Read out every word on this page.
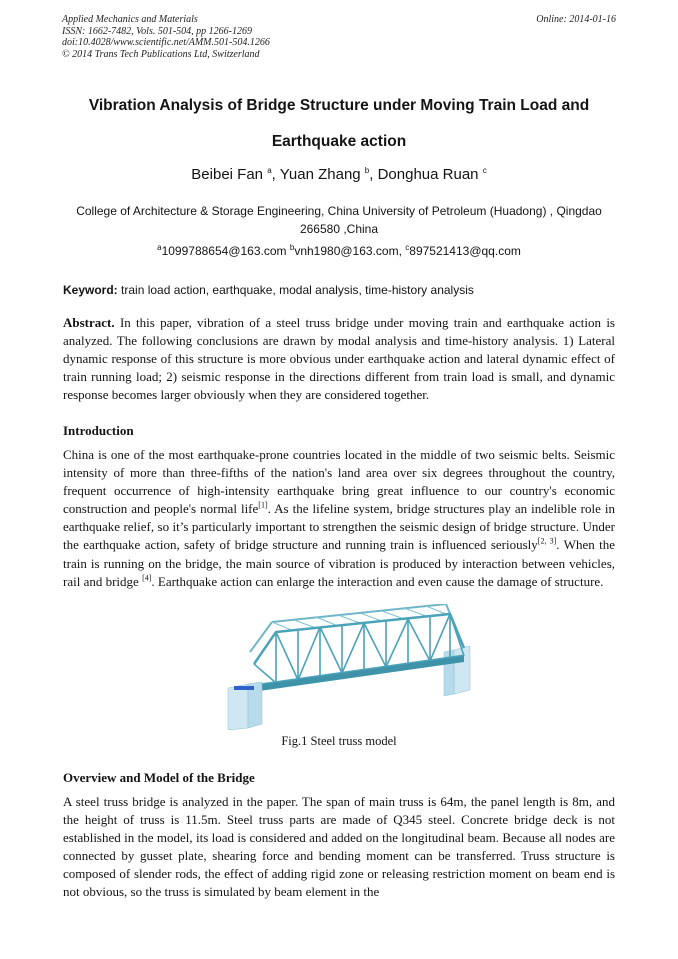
Applied Mechanics and Materials
ISSN: 1662-7482, Vols. 501-504, pp 1266-1269
doi:10.4028/www.scientific.net/AMM.501-504.1266
© 2014 Trans Tech Publications Ltd, Switzerland
Online: 2014-01-16
Vibration Analysis of Bridge Structure under Moving Train Load and Earthquake action
Beibei Fan $^a$, Yuan Zhang $^b$, Donghua Ruan $^c$
College of Architecture & Storage Engineering, China University of Petroleum (Huadong) , Qingdao 266580 ,China
$^a$1099788654@163.com $^b$vnh1980@163.com, $^c$897521413@qq.com
Keyword: train load action, earthquake, modal analysis, time-history analysis
Abstract. In this paper, vibration of a steel truss bridge under moving train and earthquake action is analyzed. The following conclusions are drawn by modal analysis and time-history analysis. 1) Lateral dynamic response of this structure is more obvious under earthquake action and lateral dynamic effect of train running load; 2) seismic response in the directions different from train load is small, and dynamic response becomes larger obviously when they are considered together.
Introduction
China is one of the most earthquake-prone countries located in the middle of two seismic belts. Seismic intensity of more than three-fifths of the nation's land area over six degrees throughout the country, frequent occurrence of high-intensity earthquake bring great influence to our country's economic construction and people's normal life[1]. As the lifeline system, bridge structures play an indelible role in earthquake relief, so it’s particularly important to strengthen the seismic design of bridge structure. Under the earthquake action, safety of bridge structure and running train is influenced seriously[2, 3]. When the train is running on the bridge, the main source of vibration is produced by interaction between vehicles, rail and bridge [4]. Earthquake action can enlarge the interaction and even cause the damage of structure.
Fig.1 Steel truss model
Overview and Model of the Bridge
A steel truss bridge is analyzed in the paper. The span of main truss is 64m, the panel length is 8m, and the height of truss is 11.5m. Steel truss parts are made of Q345 steel. Concrete bridge deck is not established in the model, its load is considered and added on the longitudinal beam. Because all nodes are connected by gusset plate, shearing force and bending moment can be transferred. Truss structure is composed of slender rods, the effect of adding rigid zone or releasing restriction moment on beam end is not obvious, so the truss is simulated by beam element in the
